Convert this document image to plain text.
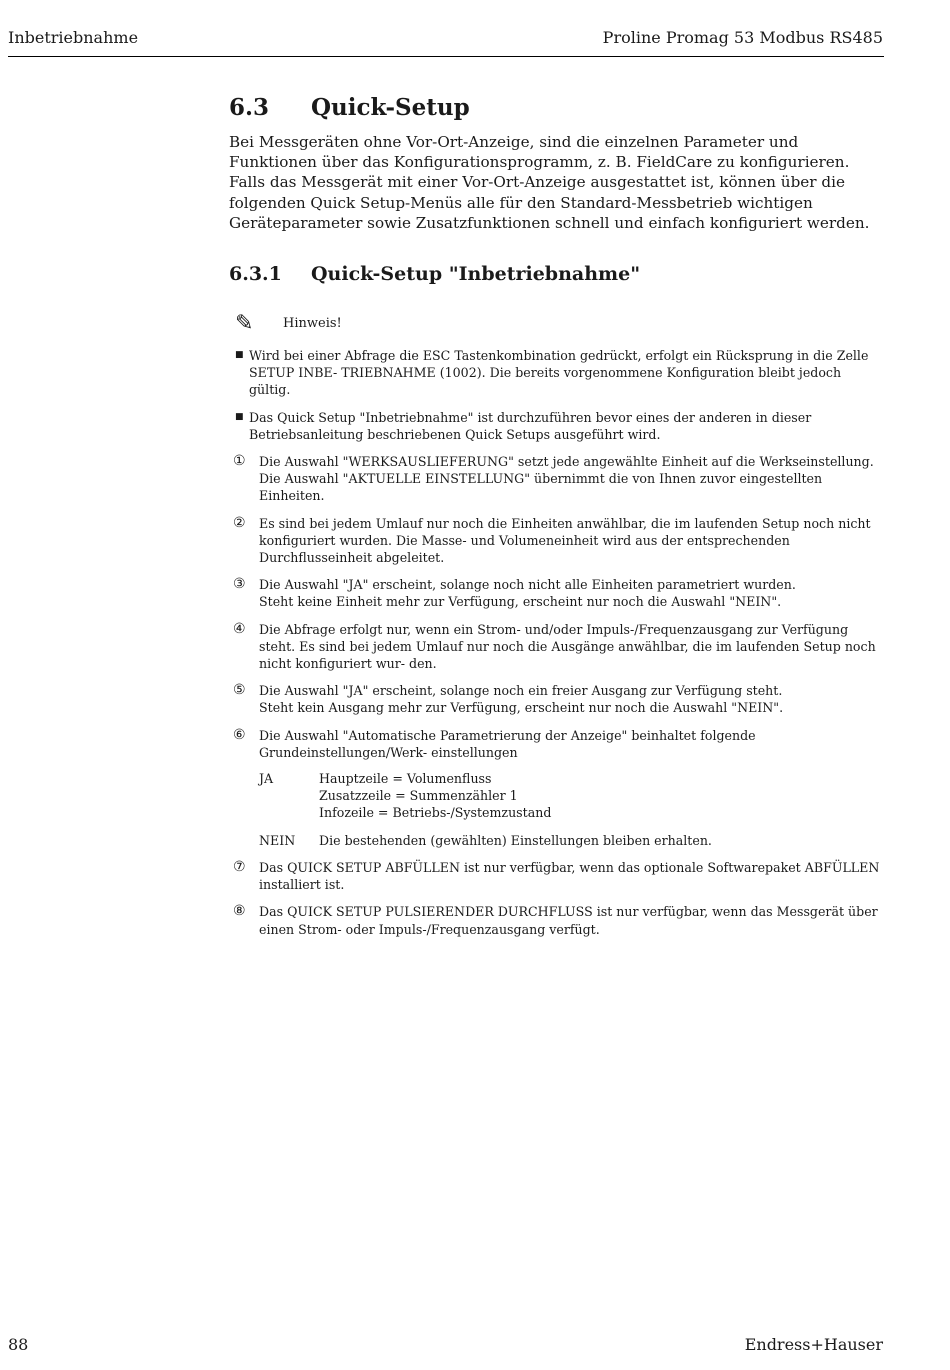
Inbetriebnahme	Proline Promag 53 Modbus RS485
6.3	Quick-Setup

Bei Messgeräten ohne Vor-Ort-Anzeige, sind die einzelnen Parameter und Funktionen über das Konfigurationsprogramm, z. B. FieldCare zu konfigurieren.
Falls das Messgerät mit einer Vor-Ort-Anzeige ausgestattet ist, können über die folgenden Quick Setup-Menüs alle für den Standard-Messbetrieb wichtigen Geräteparameter sowie Zusatzfunktionen schnell und einfach konfiguriert werden.

6.3.1	Quick-Setup "Inbetriebnahme"
✎	Hinweis!
■ Wird bei einer Abfrage die ESC Tastenkombination gedrückt, erfolgt ein Rücksprung in die Zelle SETUP INBE- TRIEBNAHME (1002). Die bereits vorgenommene Konfiguration bleibt jedoch gültig.
■ Das Quick Setup "Inbetriebnahme" ist durchzuführen bevor eines der anderen in dieser Betriebsanleitung beschriebenen Quick Setups ausgeführt wird.
①	Die Auswahl "WERKSAUSLIEFERUNG" setzt jede angewählte Einheit auf die Werkseinstellung.
Die Auswahl "AKTUELLE EINSTELLUNG" übernimmt die von Ihnen zuvor eingestellten Einheiten.
②	Es sind bei jedem Umlauf nur noch die Einheiten anwählbar, die im laufenden Setup noch nicht konfiguriert wurden. Die Masse- und Volumeneinheit wird aus der entsprechenden Durchflusseinheit abgeleitet.
③	Die Auswahl "JA" erscheint, solange noch nicht alle Einheiten parametriert wurden.
Steht keine Einheit mehr zur Verfügung, erscheint nur noch die Auswahl "NEIN".
④	Die Abfrage erfolgt nur, wenn ein Strom- und/oder Impuls-/Frequenzausgang zur Verfügung steht. Es sind bei jedem Umlauf nur noch die Ausgänge anwählbar, die im laufenden Setup noch nicht konfiguriert wur- den.
⑤	Die Auswahl "JA" erscheint, solange noch ein freier Ausgang zur Verfügung steht.
Steht kein Ausgang mehr zur Verfügung, erscheint nur noch die Auswahl "NEIN".
⑥	Die Auswahl "Automatische Parametrierung der Anzeige" beinhaltet folgende Grundeinstellungen/Werk- einstellungen
JA	Hauptzeile = Volumenfluss
Zusatzzeile = Summenzähler 1
Infozeile = Betriebs-/Systemzustand
NEIN	Die bestehenden (gewählten) Einstellungen bleiben erhalten.
⑦	Das QUICK SETUP ABFÜLLEN ist nur verfügbar, wenn das optionale Softwarepaket ABFÜLLEN installiert ist.
⑧	Das QUICK SETUP PULSIERENDER DURCHFLUSS ist nur verfügbar, wenn das Messgerät über einen Strom- oder Impuls-/Frequenzausgang verfügt.
88	Endress+Hauser
